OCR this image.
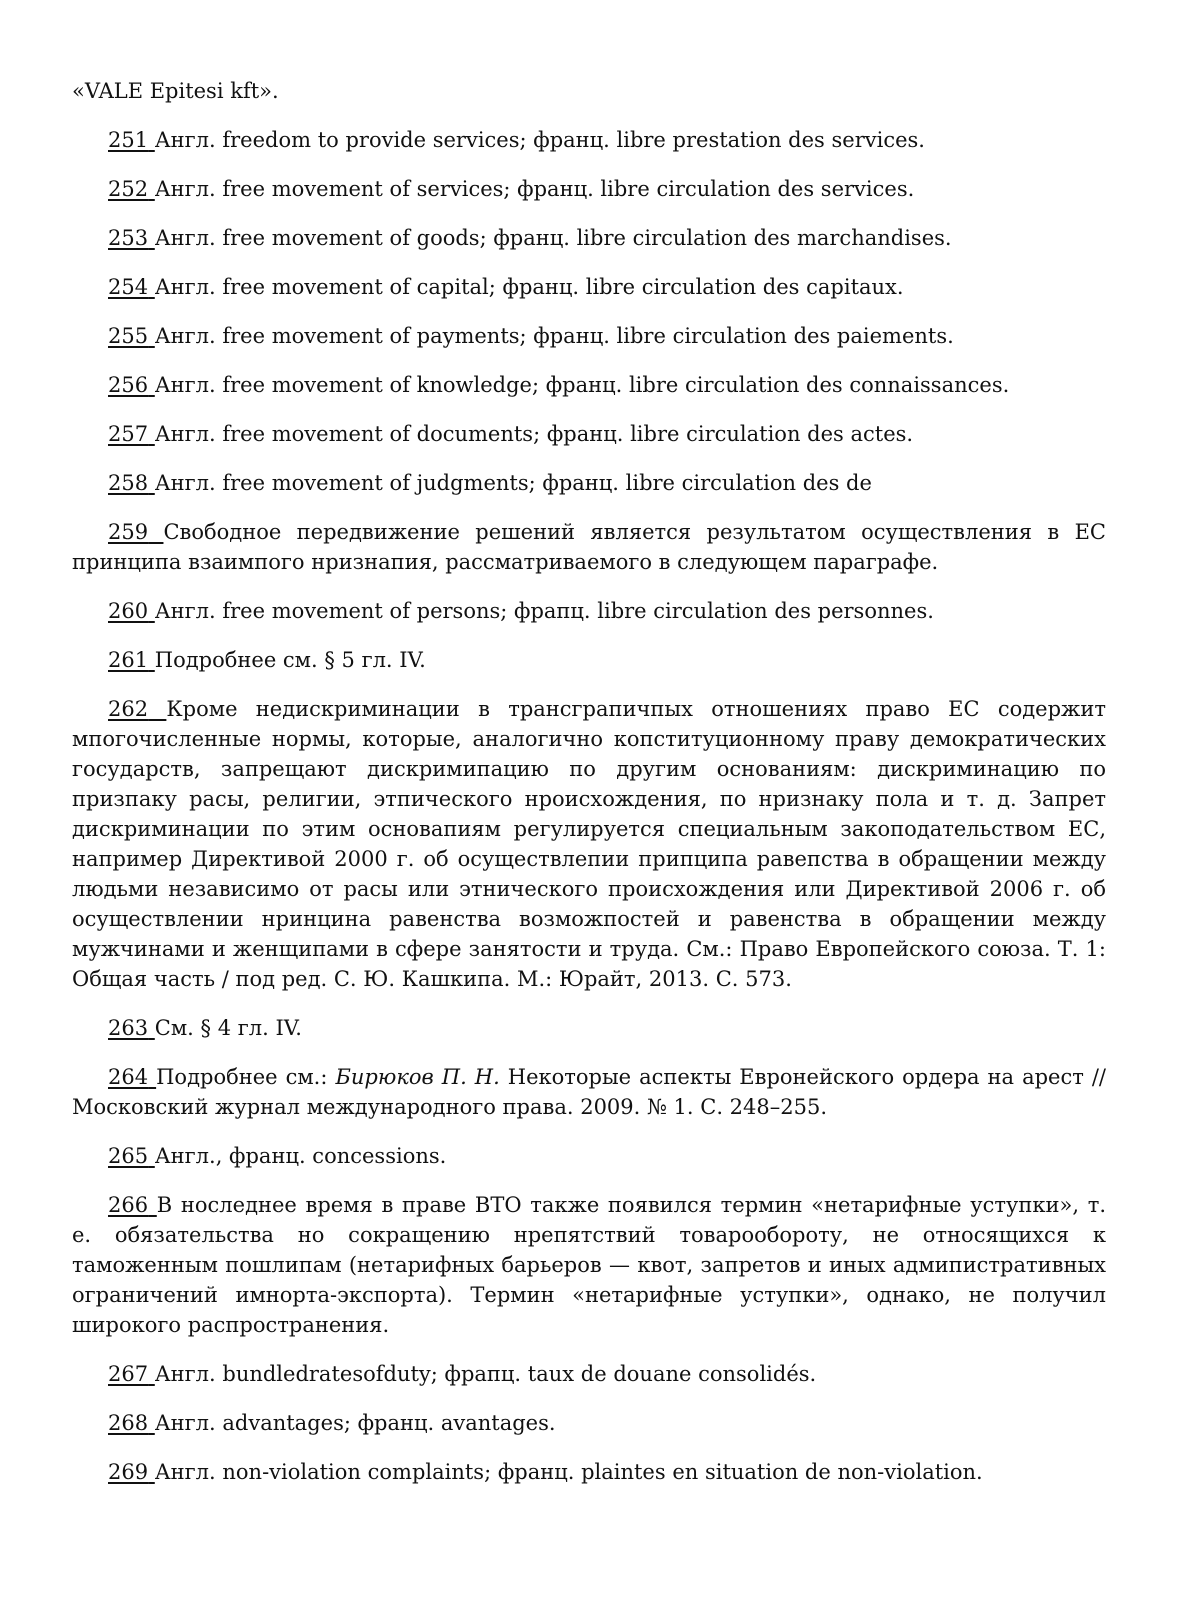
«VALE Epitesi kft».

251 Англ. freedom to provide services; франц. libre prestation des services.

252 Англ. free movement of services; франц. libre circulation des services.

253 Англ. free movement of goods; франц. libre circulation des marchandises.

254 Англ. free movement of capital; франц. libre circulation des capitaux.

255 Англ. free movement of payments; франц. libre circulation des paiements.

256 Англ. free movement of knowledge; франц. libre circulation des connaissances.

257 Англ. free movement of documents; франц. libre circulation des actes.

258 Англ. free movement of judgments; франц. libre circulation des de

259 Свободное передвижение решений является результатом осуществления в ЕС принципа взаимпого нризнапия, рассматриваемого в следующем параграфе.

260 Англ. free movement of persons; фрапц. libre circulation des personnes.

261 Подробнее см. § 5 гл. IV.

262 Кроме недискриминации в трансграпичпых отношениях право ЕС содержит мпогочисленные нормы, которые, аналогично копституционному праву демократических государств, запрещают дискримипацию по другим основаниям: дискриминацию по призпаку расы, религии, этпического нроисхождения, по нризнаку пола и т. д. Запрет дискриминации по этим основапиям регулируется специальным закоподательством ЕС, например Директивой 2000 г. об осуществлепии припципа равепства в обращении между людьми независимо от расы или этнического происхождения или Директивой 2006 г. об осуществлении нринцина равенства возможпостей и равенства в обращении между мужчинами и женщипами в сфере занятости и труда. См.: Право Европейского союза. Т. 1: Общая часть / под ред. С. Ю. Кашкипа. М.: Юрайт, 2013. С. 573.

263 См. § 4 гл. IV.

264 Подробнее см.: Бирюков П. Н. Некоторые аспекты Евронейского ордера на арест // Московский журнал международного права. 2009. № 1. С. 248–255.

265 Англ., франц. concessions.

266 В носледнее время в праве ВТО также появился термин «нетарифные уступки», т. е. обязательства но сокращению нрепятствий товарообороту, не относящихся к таможенным пошлипам (нетарифных барьеров — квот, запретов и иных адмипистративных ограничений имнорта-экспорта). Термин «нетарифные уступки», однако, не получил широкого распространения.

267 Англ. bundledratesofduty; фрапц. taux de douane consolidés.

268 Англ. advantages; франц. avantages.

269 Англ. non-violation complaints; франц. plaintes en situation de non-violation.
